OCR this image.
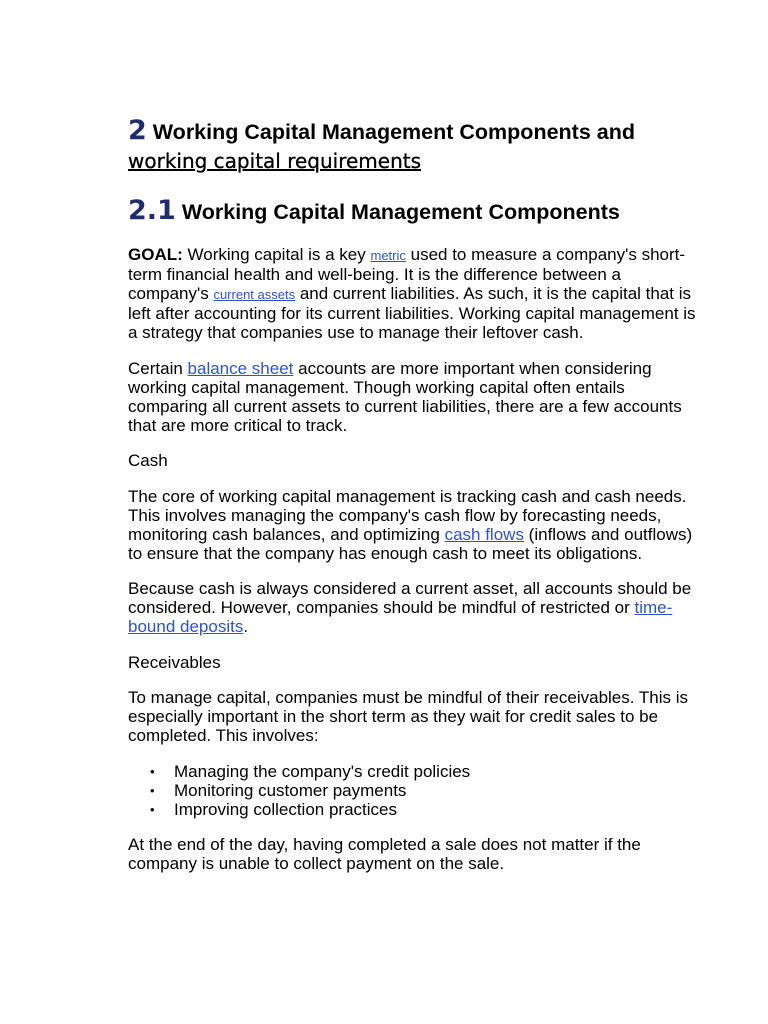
2 Working Capital Management Components and
working capital requirements
2.1 Working Capital Management Components

GOAL: Working capital is a key metric used to measure a company's short-term financial health and well-being. It is the difference between a company's current assets and current liabilities. As such, it is the capital that is left after accounting for its current liabilities. Working capital management is a strategy that companies use to manage their leftover cash.

Certain balance sheet accounts are more important when considering working capital management. Though working capital often entails comparing all current assets to current liabilities, there are a few accounts that are more critical to track.

Cash

The core of working capital management is tracking cash and cash needs. This involves managing the company's cash flow by forecasting needs, monitoring cash balances, and optimizing cash flows (inflows and outflows) to ensure that the company has enough cash to meet its obligations.

Because cash is always considered a current asset, all accounts should be considered. However, companies should be mindful of restricted or time-bound deposits.

Receivables

To manage capital, companies must be mindful of their receivables. This is especially important in the short term as they wait for credit sales to be completed. This involves:

• Managing the company's credit policies
• Monitoring customer payments
• Improving collection practices

At the end of the day, having completed a sale does not matter if the company is unable to collect payment on the sale.
